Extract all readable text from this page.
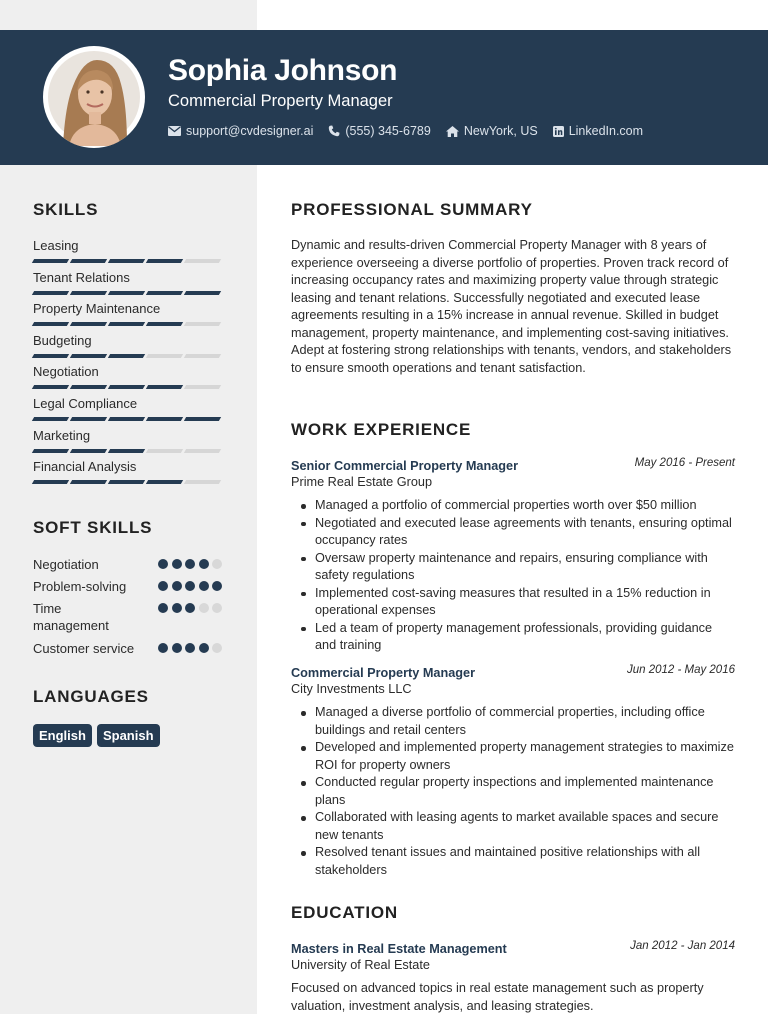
Sophia Johnson
Commercial Property Manager
support@cvdesigner.ai	(555) 345-6789	NewYork, US LinkedIn.com
SKILLS
Leasing
Tenant Relations
Property Maintenance
Budgeting
Negotiation
Legal Compliance
Marketing
Financial Analysis
SOFT SKILLS
Negotiation
Problem-solving
Time management
Customer service
LANGUAGES
English	Spanish
PROFESSIONAL SUMMARY
Dynamic and results-driven Commercial Property Manager with 8 years of experience overseeing a diverse portfolio of properties. Proven track record of increasing occupancy rates and maximizing property value through strategic leasing and tenant relations. Successfully negotiated and executed lease agreements resulting in a 15% increase in annual revenue. Skilled in budget management, property maintenance, and implementing cost-saving initiatives. Adept at fostering strong relationships with tenants, vendors, and stakeholders to ensure smooth operations and tenant satisfaction.
WORK EXPERIENCE
Senior Commercial Property Manager	May 2016 - Present
Prime Real Estate Group
Managed a portfolio of commercial properties worth over $50 million
Negotiated and executed lease agreements with tenants, ensuring optimal occupancy rates
Oversaw property maintenance and repairs, ensuring compliance with safety regulations
Implemented cost-saving measures that resulted in a 15% reduction in operational expenses
Led a team of property management professionals, providing guidance and training
Commercial Property Manager	Jun 2012 - May 2016
City Investments LLC
Managed a diverse portfolio of commercial properties, including office buildings and retail centers
Developed and implemented property management strategies to maximize ROI for property owners
Conducted regular property inspections and implemented maintenance plans
Collaborated with leasing agents to market available spaces and secure new tenants
Resolved tenant issues and maintained positive relationships with all stakeholders
EDUCATION
Masters in Real Estate Management	Jan 2012 - Jan 2014
University of Real Estate
Focused on advanced topics in real estate management such as property valuation, investment analysis, and leasing strategies.
